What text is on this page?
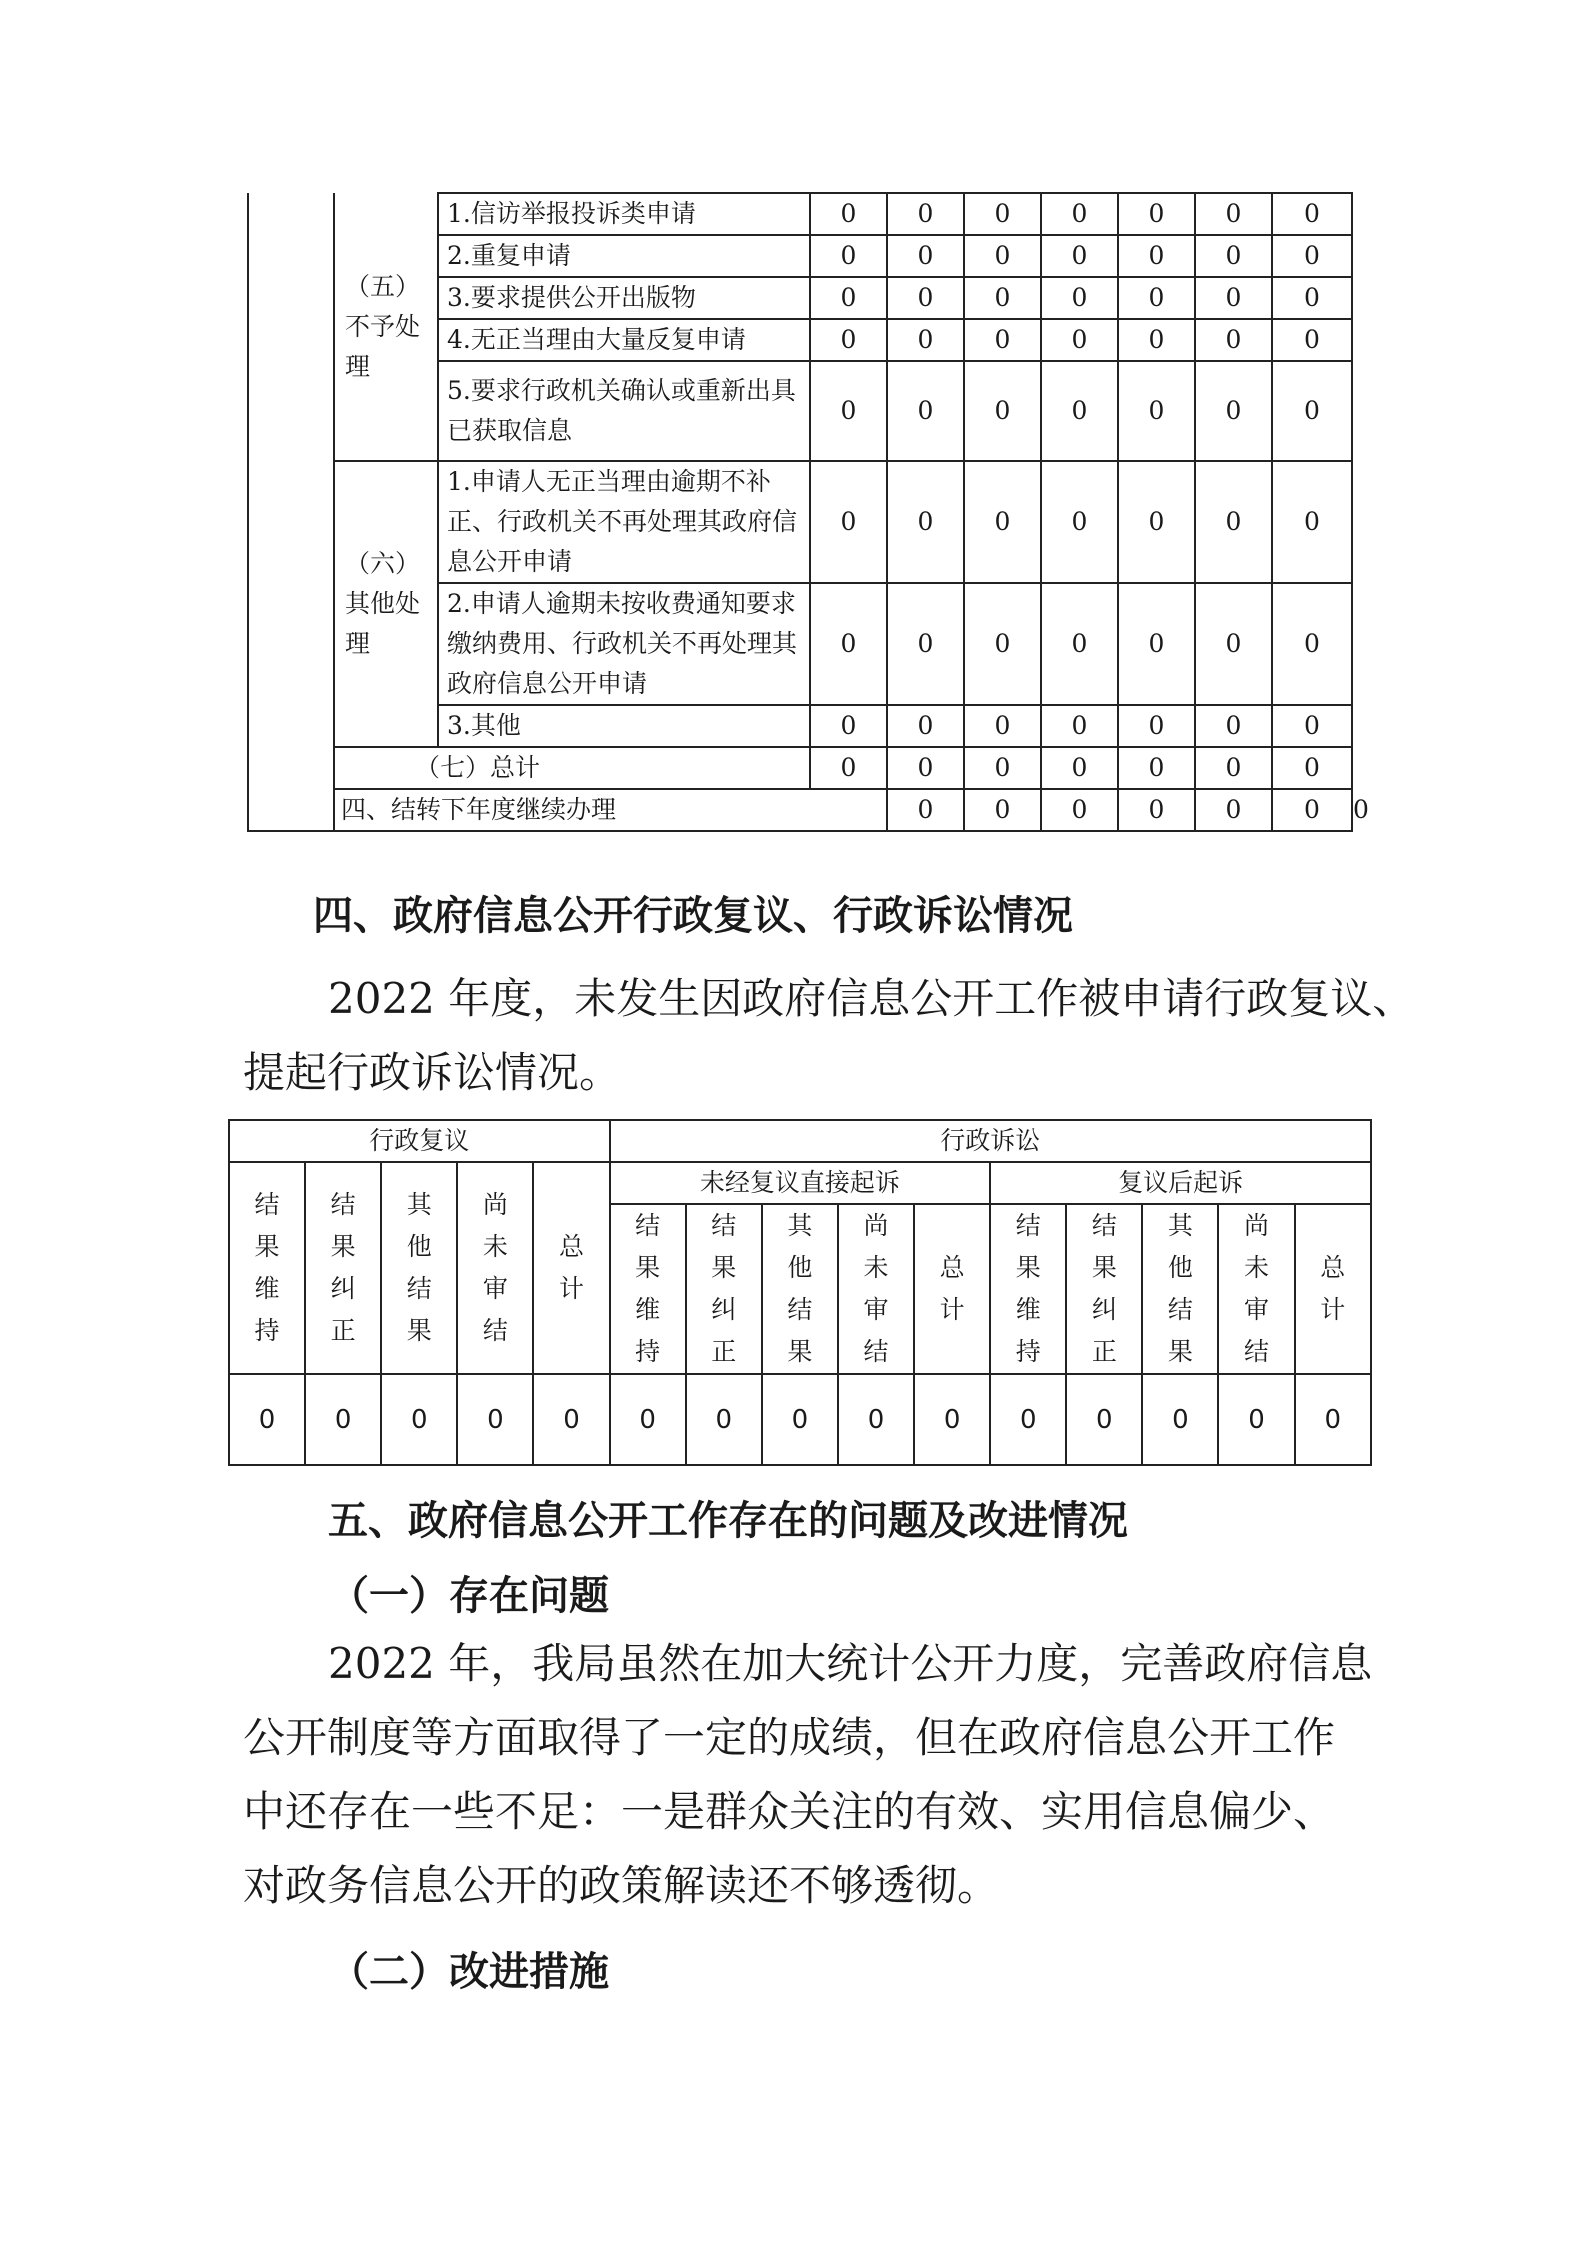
	（五）
不予处
理	1.信访举报投诉类申请	0	0	0	0	0	0	0	
		2.重复申请	0	0	0	0	0	0	0	
		3.要求提供公开出版物	0	0	0	0	0	0	0	
		4.无正当理由大量反复申请	0	0	0	0	0	0	0	
		5.要求行政机关确认或重新出具已获取信息	0	0	0	0	0	0	0	

	（六）
其他处
理	1.申请人无正当理由逾期不补正、行政机关不再处理其政府信息公开申请	0	0	0	0	0	0	0	
		2.申请人逾期未按收费通知要求缴纳费用、行政机关不再处理其政府信息公开申请	0	0	0	0	0	0	0	
		3.其他	0	0	0	0	0	0	0	
	（七）总计		0	0	0	0	0	0	0	
	四、结转下年度继续办理			0	0	0	0	0	0	0
四、政府信息公开行政复议、行政诉讼情况

2022 年度，未发生因政府信息公开工作被申请行政复议、
提起行政诉讼情况。

行政复议					行政诉讼									

结
果
维
持	结
果
纠
正	其
他
结
果	尚
未
审
结	总
计	未经复议直接起诉					复议后起诉				

					结
果
维
持	结
果
纠
正	其
他
结
果	尚
未
审
结	总
计	结
果
维
持	结
果
纠
正	其
他
结
果	尚
未
审
结	总
计

0	0	0	0	0	0	0	0	0	0	0	0	0	0	0
五、政府信息公开工作存在的问题及改进情况
（一）存在问题

2022 年，我局虽然在加大统计公开力度，完善政府信息
公开制度等方面取得了一定的成绩，但在政府信息公开工作
中还存在一些不足：一是群众关注的有效、实用信息偏少、
对政务信息公开的政策解读还不够透彻。

（二）改进措施
